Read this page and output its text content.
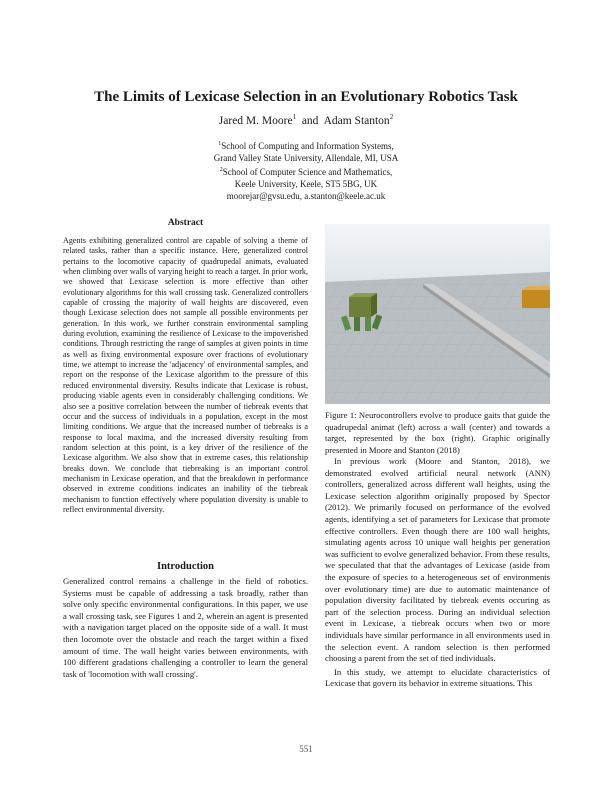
The Limits of Lexicase Selection in an Evolutionary Robotics Task
Jared M. Moore$^1$ and Adam Stanton$^2$
$^1$School of Computing and Information Systems,
Grand Valley State University, Allendale, MI, USA
$^2$School of Computer Science and Mathematics,
Keele University, Keele, ST5 5BG, UK
moorejar@gvsu.edu, a.stanton@keele.ac.uk
Abstract

Agents exhibiting generalized control are capable of solving a theme of related tasks, rather than a specific instance. Here, generalized control pertains to the locomotive capacity of quadrupedal animats, evaluated when climbing over walls of varying height to reach a target. In prior work, we showed that Lexicase selection is more effective than other evolutionary algorithms for this wall crossing task. Generalized controllers capable of crossing the majority of wall heights are discovered, even though Lexicase selection does not sample all possible environments per generation. In this work, we further constrain environmental sampling during evolution, examining the resilience of Lexicase to the impoverished conditions. Through restricting the range of samples at given points in time as well as fixing environmental exposure over fractions of evolutionary time, we attempt to increase the 'adjacency' of environmental samples, and report on the response of the Lexicase algorithm to the pressure of this reduced environmental diversity. Results indicate that Lexicase is robust, producing viable agents even in considerably challenging conditions. We also see a positive correlation between the number of tiebreak events that occur and the success of individuals in a population, except in the most limiting conditions. We argue that the increased number of tiebreaks is a response to local maxima, and the increased diversity resulting from random selection at this point, is a key driver of the resilience of the Lexicase algorithm. We also show that in extreme cases, this relationship breaks down. We conclude that tiebreaking is an important control mechanism in Lexicase operation, and that the breakdown in performance observed in extreme conditions indicates an inability of the tiebreak mechanism to function effectively where population diversity is unable to reflect environmental diversity.

Introduction

Generalized control remains a challenge in the field of robotics. Systems must be capable of addressing a task broadly, rather than solve only specific environmental configurations. In this paper, we use a wall crossing task, see Figures 1 and 2, wherein an agent is presented with a navigation target placed on the opposite side of a wall. It must then locomote over the obstacle and reach the target within a fixed amount of time. The wall height varies between environments, with 100 different gradations challenging a controller to learn the general task of 'locomotion with wall crossing'.

Figure 1: Neurocontrollers evolve to produce gaits that guide the quadrupedal animat (left) across a wall (center) and towards a target, represented by the box (right). Graphic originally presented in Moore and Stanton (2018)

In previous work (Moore and Stanton, 2018), we demonstrated evolved artificial neural network (ANN) controllers, generalized across different wall heights, using the Lexicase selection algorithm originally proposed by Spector (2012). We primarily focused on performance of the evolved agents, identifying a set of parameters for Lexicase that promote effective controllers. Even though there are 100 wall heights, simulating agents across 10 unique wall heights per generation was sufficient to evolve generalized behavior. From these results, we speculated that that the advantages of Lexicase (aside from the exposure of species to a heterogeneous set of environments over evolutionary time) are due to automatic maintenance of population diversity facilitated by tiebreak events occuring as part of the selection process. During an individual selection event in Lexicase, a tiebreak occurs when two or more individuals have similar performance in all environments used in the selection event. A random selection is then performed choosing a parent from the set of tied individuals.

In this study, we attempt to elucidate characteristics of Lexicase that govern its behavior in extreme situations. This

551
